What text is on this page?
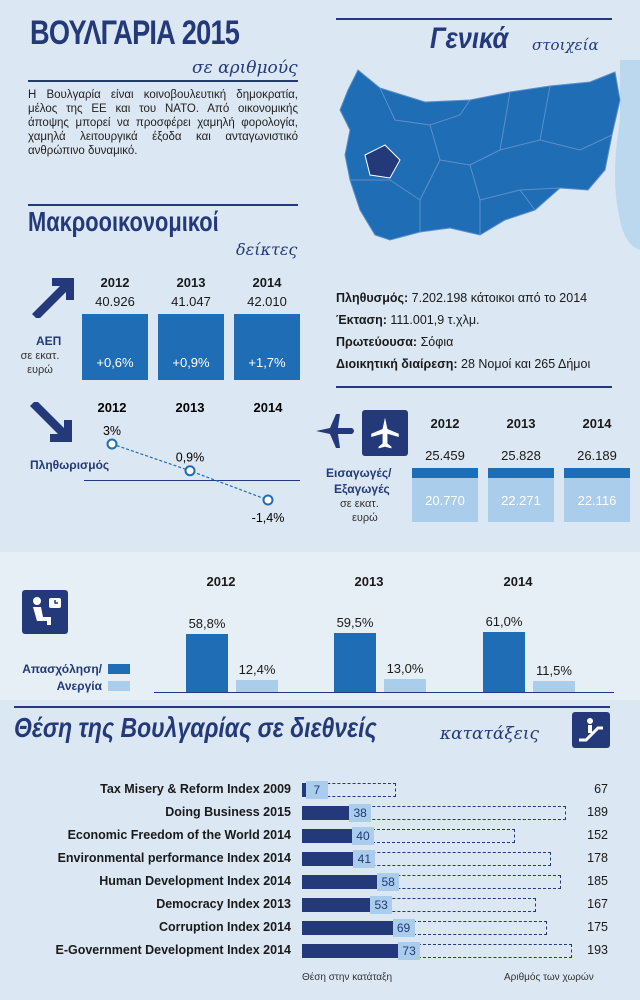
ΒΟΥΛΓΑΡΙΑ 2015
σε αριθμούς
Η Βουλγαρία είναι κοινοβουλευτική δημοκρατία, μέλος της ΕΕ και του ΝΑΤΟ. Από οικονομικής άποψης μπορεί να προσφέρει χαμηλή φορολογία, χαμηλά λειτουργικά έξοδα και ανταγωνιστικό ανθρώπινο δυναμικό.
Γενικά στοιχεία
Μακροοικονομικοί
δείκτες
ΑΕΠ
σε εκατ.
ευρώ
Πληθωρισμός
2012	2013	2014
3%
0,9%
-1,4%
Πληθυσμός: 7.202.198 κάτοικοι από το 2014
Έκταση: 111.001,9 τ.χλμ.
Πρωτεύουσα: Σόφια
Διοικητική διαίρεση: 28 Νομοί και 265 Δήμοι
Εισαγωγές/
Εξαγωγές
σε εκατ.
ευρώ
Απασχόληση/
Ανεργία
Θέση της Βουλγαρίας σε διεθνείς	κατατάξεις
Θέση στην κατάταξη	Αριθμός των χωρών
2012
40.926
+0,6%
2013
41.047
+0,9%
2014
42.010
+1,7%
2012
25.459
20.770
2013
25.828
22.271
2014
26.189
22.116
2012
58,8%
12,4%
2013
59,5%
13,0%
2014
61,0%
11,5%
Tax Misery & Reform Index 2009	7	67
Doing Business 2015	38	189
Economic Freedom of the World 2014	40	152
Environmental performance Index 2014	41	178
Human Development Index 2014	58	185
Democracy Index 2013	53	167
Corruption Index 2014	69	175
E-Government Development Index 2014	73	193
